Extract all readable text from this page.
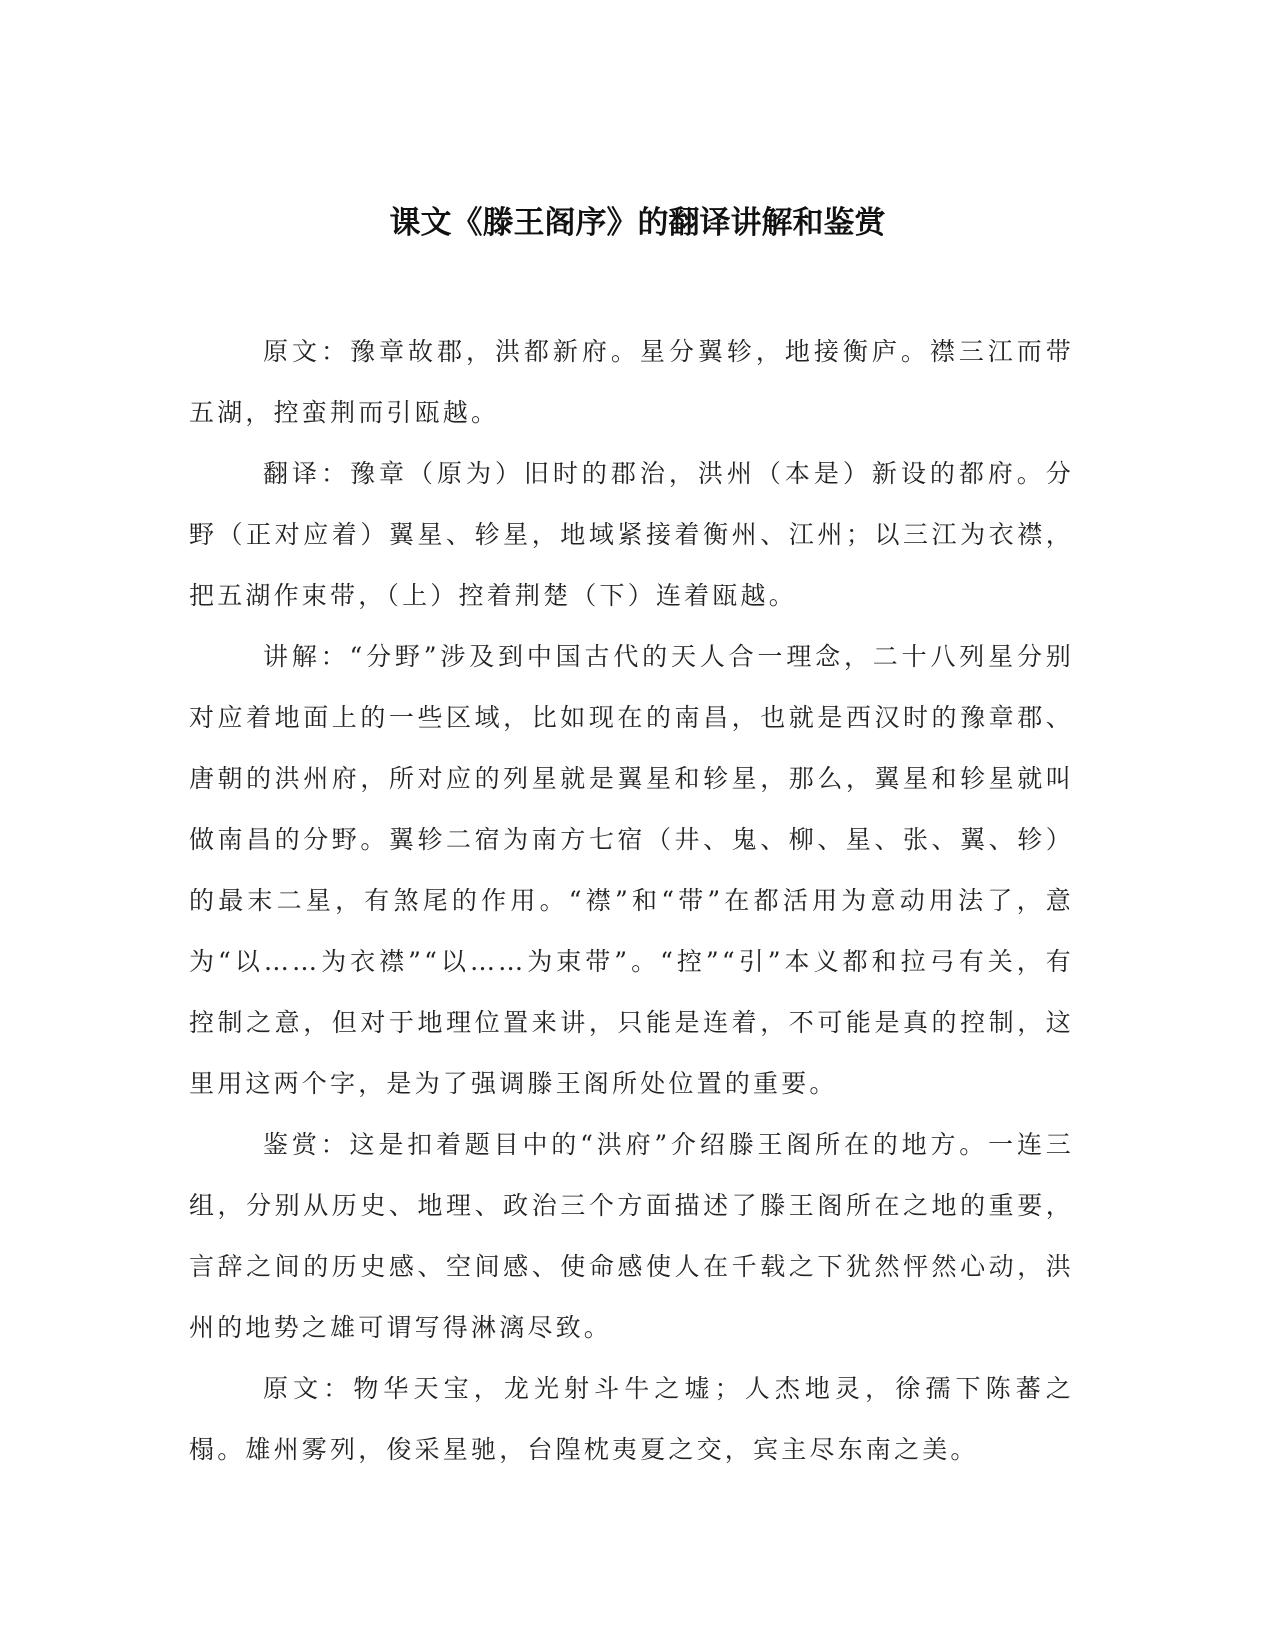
课文《滕王阁序》的翻译讲解和鉴赏

原文：豫章故郡，洪都新府。星分翼轸，地接衡庐。襟三江而带五湖，控蛮荆而引瓯越。

翻译：豫章（原为）旧时的郡治，洪州（本是）新设的都府。分野（正对应着）翼星、轸星，地域紧接着衡州、江州；以三江为衣襟，把五湖作束带，（上）控着荆楚（下）连着瓯越。

讲解：“分野”涉及到中国古代的天人合一理念，二十八列星分别对应着地面上的一些区域，比如现在的南昌，也就是西汉时的豫章郡、唐朝的洪州府，所对应的列星就是翼星和轸星，那么，翼星和轸星就叫做南昌的分野。翼轸二宿为南方七宿（井、鬼、柳、星、张、翼、轸）的最末二星，有煞尾的作用。“襟”和“带”在都活用为意动用法了，意为“以……为衣襟”“以……为束带”。“控”“引”本义都和拉弓有关，有控制之意，但对于地理位置来讲，只能是连着，不可能是真的控制，这里用这两个字，是为了强调滕王阁所处位置的重要。

鉴赏：这是扣着题目中的“洪府”介绍滕王阁所在的地方。一连三组，分别从历史、地理、政治三个方面描述了滕王阁所在之地的重要，言辞之间的历史感、空间感、使命感使人在千载之下犹然怦然心动，洪州的地势之雄可谓写得淋漓尽致。

原文：物华天宝，龙光射斗牛之墟；人杰地灵，徐孺下陈蕃之榻。雄州雾列，俊采星驰，台隍枕夷夏之交，宾主尽东南之美。
